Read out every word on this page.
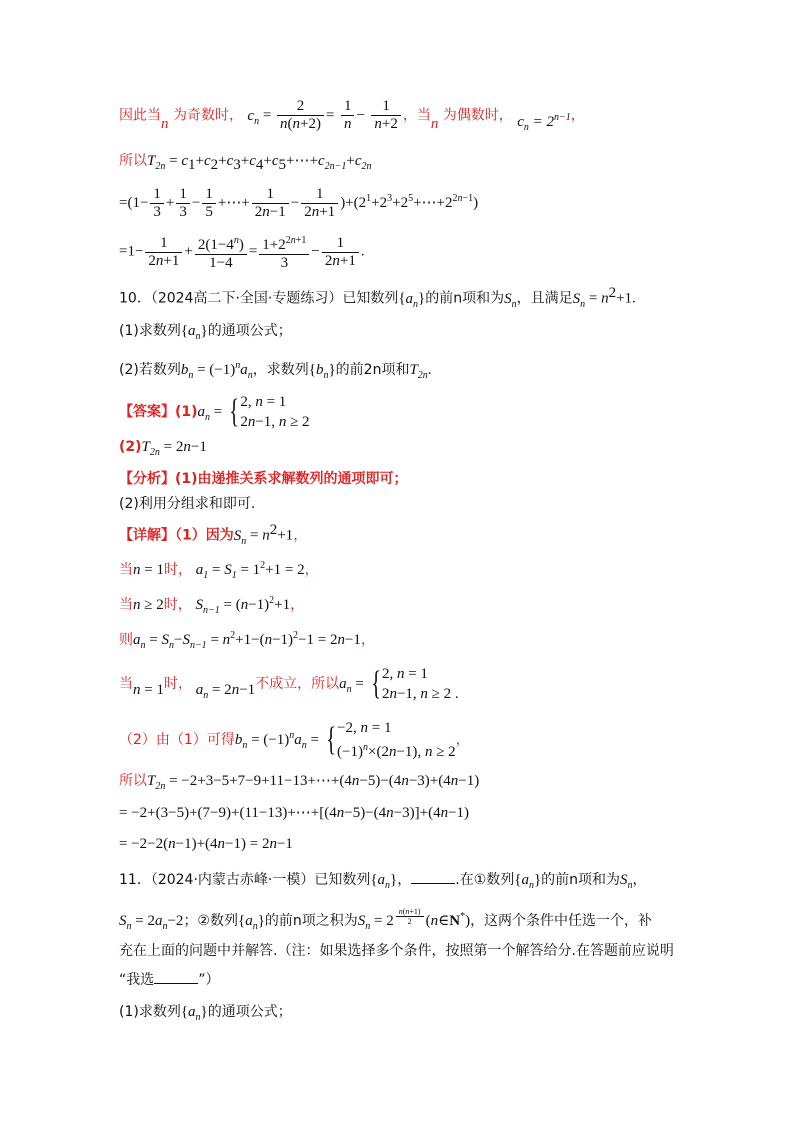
因此当n 为奇数时， $c_n = \frac{2}{n(n+2)} = \frac{1}{n} - \frac{1}{n+2}$ ，当n 为偶数时， $c_n = 2^{n-1}$，
所以$T_{2n}$ = $c_1+c_2+c_3+c_4+c_5+\cdots+c_{2n-1}+c_{2n}$
$=(1- \frac{1}{3} + \frac{1}{3} - \frac{1}{5}$ +⋯+ $\frac{1}{2n-1} - \frac{1}{2n+1}$ )$+(2^1+2^3+2^5+\cdots+2^{2n-1})$
$=1- \frac{1}{2n+1} + \frac{2(1-4^n)}{1-4} = \frac{1+2^{2n+1}}{3} - \frac{1}{2n+1}$ .
10．（2024高二下·全国·专题练习）已知数列$\{a_n\}$的前n项和为$S_n$，且满足$S_n = n^2+1$.
(1)求数列$\{a_n\}$的通项公式；
(2)若数列$b_n = (-1)^na_n$，求数列$\{b_n\}$的前2n项和$T_{2n}$.
【答案】$(1)a_n$ = { 2, n = 1
2n−1, n ≥ 2
$(2)T_{2n} = 2n-1$
【分析】(1)由递推关系求解数列的通项即可；
(2)利用分组求和即可.
【详解】（1）因为$S_n = n^2+1$，
当n = 1时， $a_1 = S_1 = 1^2+1 = 2$，
当n ≥ 2时， $S_{n-1} = (n-1)^2+1$，
则$a_n = S_n-S_{n-1} = n^2+1-(n-1)^2-1 = 2n-1$，
当n = 1时， $a_n = 2n-1$不成立，所以$a_n$ = { 2, n = 1
2n−1, n ≥ 2 .
（2）由（1）可得$b_n = (-1)^na_n$ = { −2, n = 1
$(-1)^n\times(2n-1)$, n ≥ 2
，
所以$T_{2n}$ = −2+3−5+7−9+11−13+⋯+(4n−5)−(4n−3)+(4n−1)
= −2+(3−5)+(7−9)+(11−13)+⋯+[(4n−5)−(4n−3)]+(4n−1)
= −2−2(n−1)+(4n−1) = 2n−1
11．（2024·内蒙古赤峰·一模）已知数列$\{a_n\}$，	.在①数列$\{a_n\}$的前n项和为$S_n$，
$S_n = 2a_n-2$；②数列$\{a_n\}$的前n项之积为$S_n = 2$ $^{\frac{n(n+1)}{2}}$ (n∈N*)，这两个条件中任选一个，补
充在上面的问题中并解答.（注：如果选择多个条件，按照第一个解答给分.在答题前应说明
“我选	”）
(1)求数列$\{a_n\}$的通项公式；
